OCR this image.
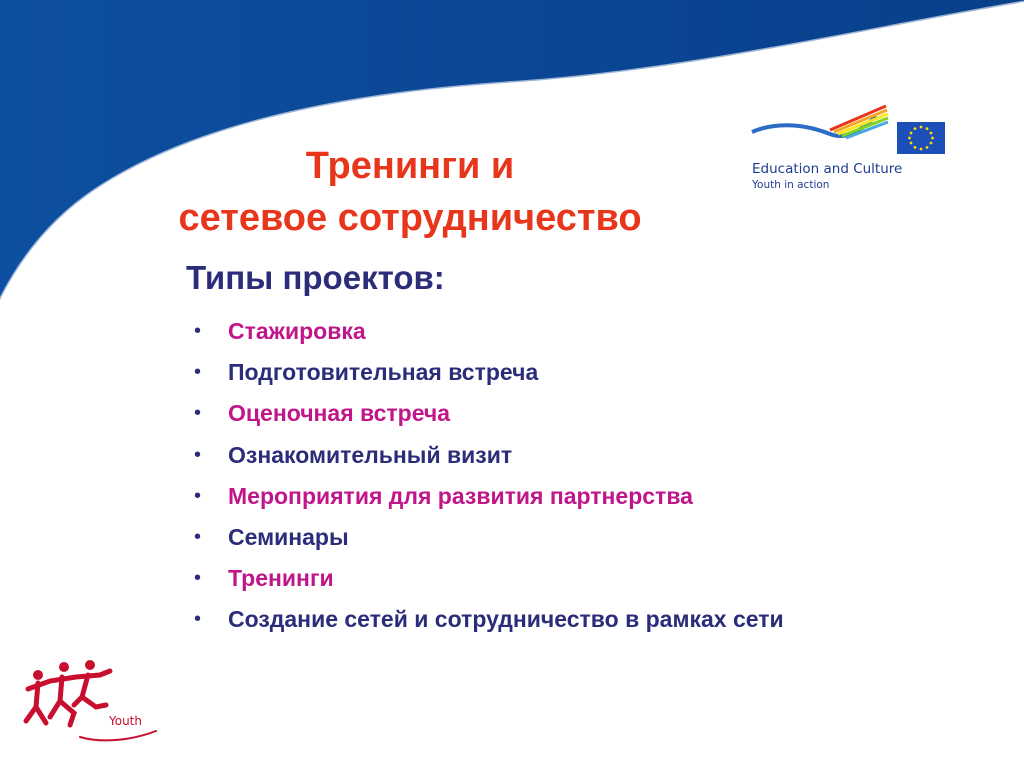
Education and Culture
Youth in action
Тренинги и
сетевое сотрудничество
Типы проектов:
• Стажировка
• Подготовительная встреча
• Оценочная встреча
• Ознакомительный визит
• Мероприятия для развития партнерства
• Семинары
• Тренинги
• Создание сетей и сотрудничество в рамках сети
Youth
